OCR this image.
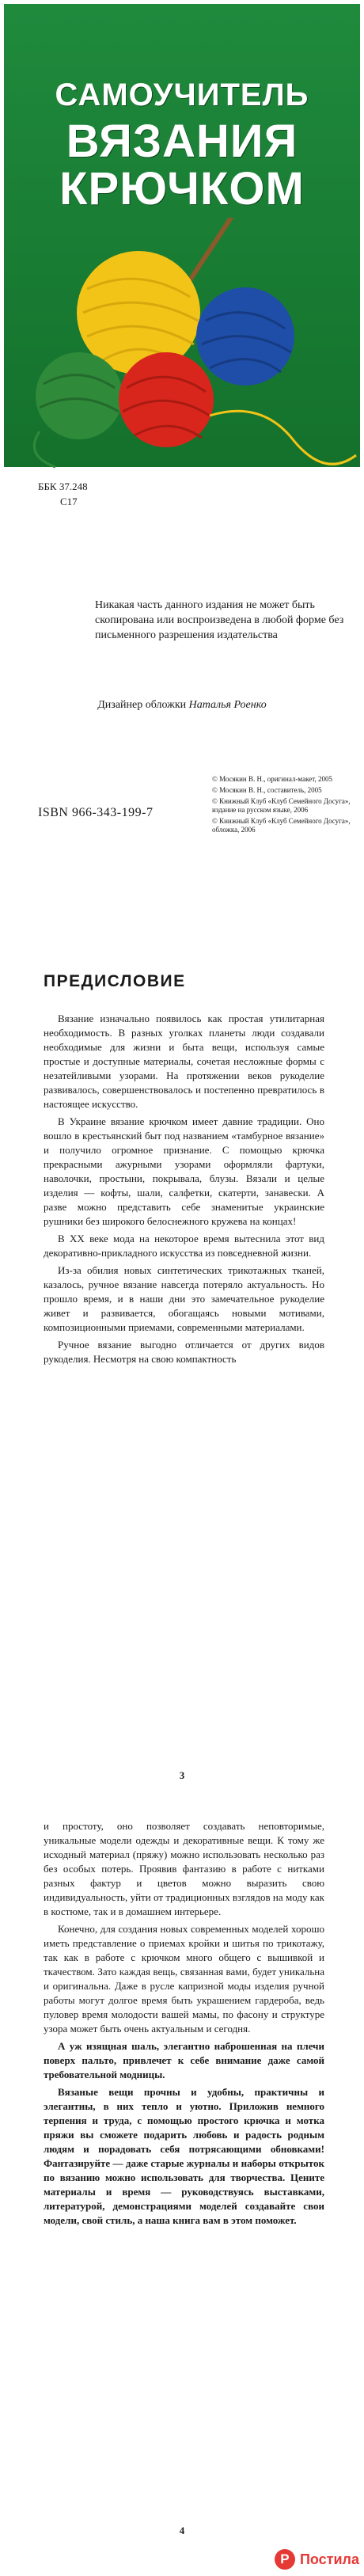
САМОУЧИТЕЛЬ
ВЯЗАНИЯ
КРЮЧКОМ
ББК 37.248
С17
Никакая часть данного издания не может быть скопирована или воспроизведена в любой форме без письменного разрешения издательства
Дизайнер обложки Наталья Роенко
© Мосякин В. Н., оригинал-макет, 2005
© Мосякин В. Н., составитель, 2005
© Книжный Клуб «Клуб Семейного Досуга», издание на русском языке, 2006
© Книжный Клуб «Клуб Семейного Досуга», обложка, 2006
ISBN 966-343-199-7
ПРЕДИСЛОВИЕ

Вязание изначально появилось как простая утилитарная необходимость. В разных уголках планеты люди создавали необходимые для жизни и быта вещи, используя самые простые и доступные материалы, сочетая несложные формы с незатейливыми узорами. На протяжении веков рукоделие развивалось, совершенствовалось и постепенно превратилось в настоящее искусство.

В Украине вязание крючком имеет давние традиции. Оно вошло в крестьянский быт под названием «тамбурное вязание» и получило огромное признание. С помощью крючка прекрасными ажурными узорами оформляли фартуки, наволочки, простыни, покрывала, блузы. Вязали и целые изделия — кофты, шали, салфетки, скатерти, занавески. А разве можно представить себе знаменитые украинские рушники без широкого белоснежного кружева на концах!

В XX веке мода на некоторое время вытеснила этот вид декоративно-прикладного искусства из повседневной жизни.

Из-за обилия новых синтетических трикотажных тканей, казалось, ручное вязание навсегда потеряло актуальность. Но прошло время, и в наши дни это замечательное рукоделие живет и развивается, обогащаясь новыми мотивами, композиционными приемами, современными материалами.

Ручное вязание выгодно отличается от других видов рукоделия. Несмотря на свою компактность

3

и простоту, оно позволяет создавать неповторимые, уникальные модели одежды и декоративные вещи. К тому же исходный материал (пряжу) можно использовать несколько раз без особых потерь. Проявив фантазию в работе с нитками разных фактур и цветов можно выразить свою индивидуальность, уйти от традиционных взглядов на моду как в костюме, так и в домашнем интерьере.

Конечно, для создания новых современных моделей хорошо иметь представление о приемах кройки и шитья по трикотажу, так как в работе с крючком много общего с вышивкой и ткачеством. Зато каждая вещь, связанная вами, будет уникальна и оригинальна. Даже в русле капризной моды изделия ручной работы могут долгое время быть украшением гардероба, ведь пуловер время молодости вашей мамы, по фасону и структуре узора может быть очень актуальным и сегодня.

А уж изящная шаль, элегантно наброшенная на плечи поверх пальто, привлечет к себе внимание даже самой требовательной модницы.

Вязаные вещи прочны и удобны, практичны и элегантны, в них тепло и уютно. Приложив немного терпения и труда, с помощью простого крючка и мотка пряжи вы сможете подарить любовь и радость родным людям и порадовать себя потрясающими обновками! Фантазируйте — даже старые журналы и наборы открыток по вязанию можно использовать для творчества. Цените материалы и время — руководствуясь выставками, литературой, демонстрациями моделей создавайте свои модели, свой стиль, а наша книга вам в этом поможет.

4
P Постила
